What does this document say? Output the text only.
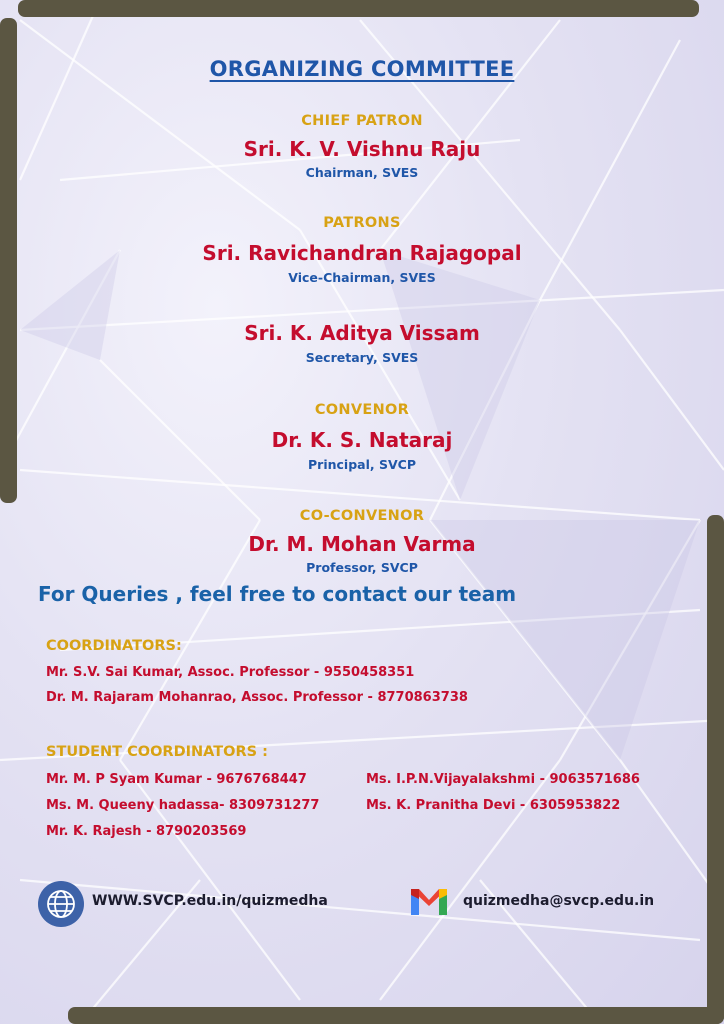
ORGANIZING COMMITTEE
CHIEF PATRON
Sri. K. V. Vishnu Raju
Chairman, SVES
PATRONS
Sri. Ravichandran Rajagopal
Vice-Chairman, SVES
Sri. K. Aditya Vissam
Secretary, SVES
CONVENOR
Dr. K. S. Nataraj
Principal, SVCP
CO-CONVENOR
Dr. M. Mohan Varma
Professor, SVCP
For Queries , feel free to contact our team
COORDINATORS:
Mr. S.V. Sai Kumar, Assoc. Professor - 9550458351
Dr. M. Rajaram Mohanrao, Assoc. Professor - 8770863738
STUDENT COORDINATORS :
Mr. M. P Syam Kumar - 9676768447
Ms. M. Queeny hadassa- 8309731277
Mr. K. Rajesh - 8790203569
Ms. I.P.N.Vijayalakshmi - 9063571686
Ms. K. Pranitha Devi - 6305953822
WWW.SVCP.edu.in/quizmedha	quizmedha@svcp.edu.in
